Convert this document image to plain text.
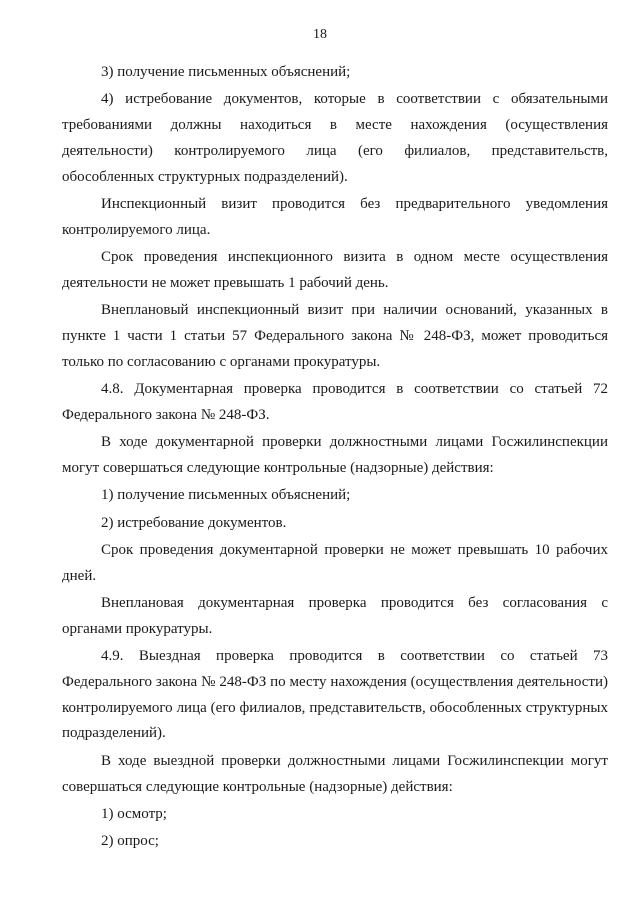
18

3) получение письменных объяснений;

4) истребование документов, которые в соответствии с обязательными требованиями должны находиться в месте нахождения (осуществления деятельности) контролируемого лица (его филиалов, представительств, обособленных структурных подразделений).

Инспекционный визит проводится без предварительного уведомления контролируемого лица.

Срок проведения инспекционного визита в одном месте осуществления деятельности не может превышать 1 рабочий день.

Внеплановый инспекционный визит при наличии оснований, указанных в пункте 1 части 1 статьи 57 Федерального закона № 248-ФЗ, может проводиться только по согласованию с органами прокуратуры.

4.8. Документарная проверка проводится в соответствии со статьей 72 Федерального закона № 248-ФЗ.

В ходе документарной проверки должностными лицами Госжилинспекции могут совершаться следующие контрольные (надзорные) действия:

1) получение письменных объяснений;

2) истребование документов.

Срок проведения документарной проверки не может превышать 10 рабочих дней.

Внеплановая документарная проверка проводится без согласования с органами прокуратуры.

4.9. Выездная проверка проводится в соответствии со статьей 73 Федерального закона № 248-ФЗ по месту нахождения (осуществления деятельности) контролируемого лица (его филиалов, представительств, обособленных структурных подразделений).

В ходе выездной проверки должностными лицами Госжилинспекции могут совершаться следующие контрольные (надзорные) действия:

1) осмотр;

2) опрос;
